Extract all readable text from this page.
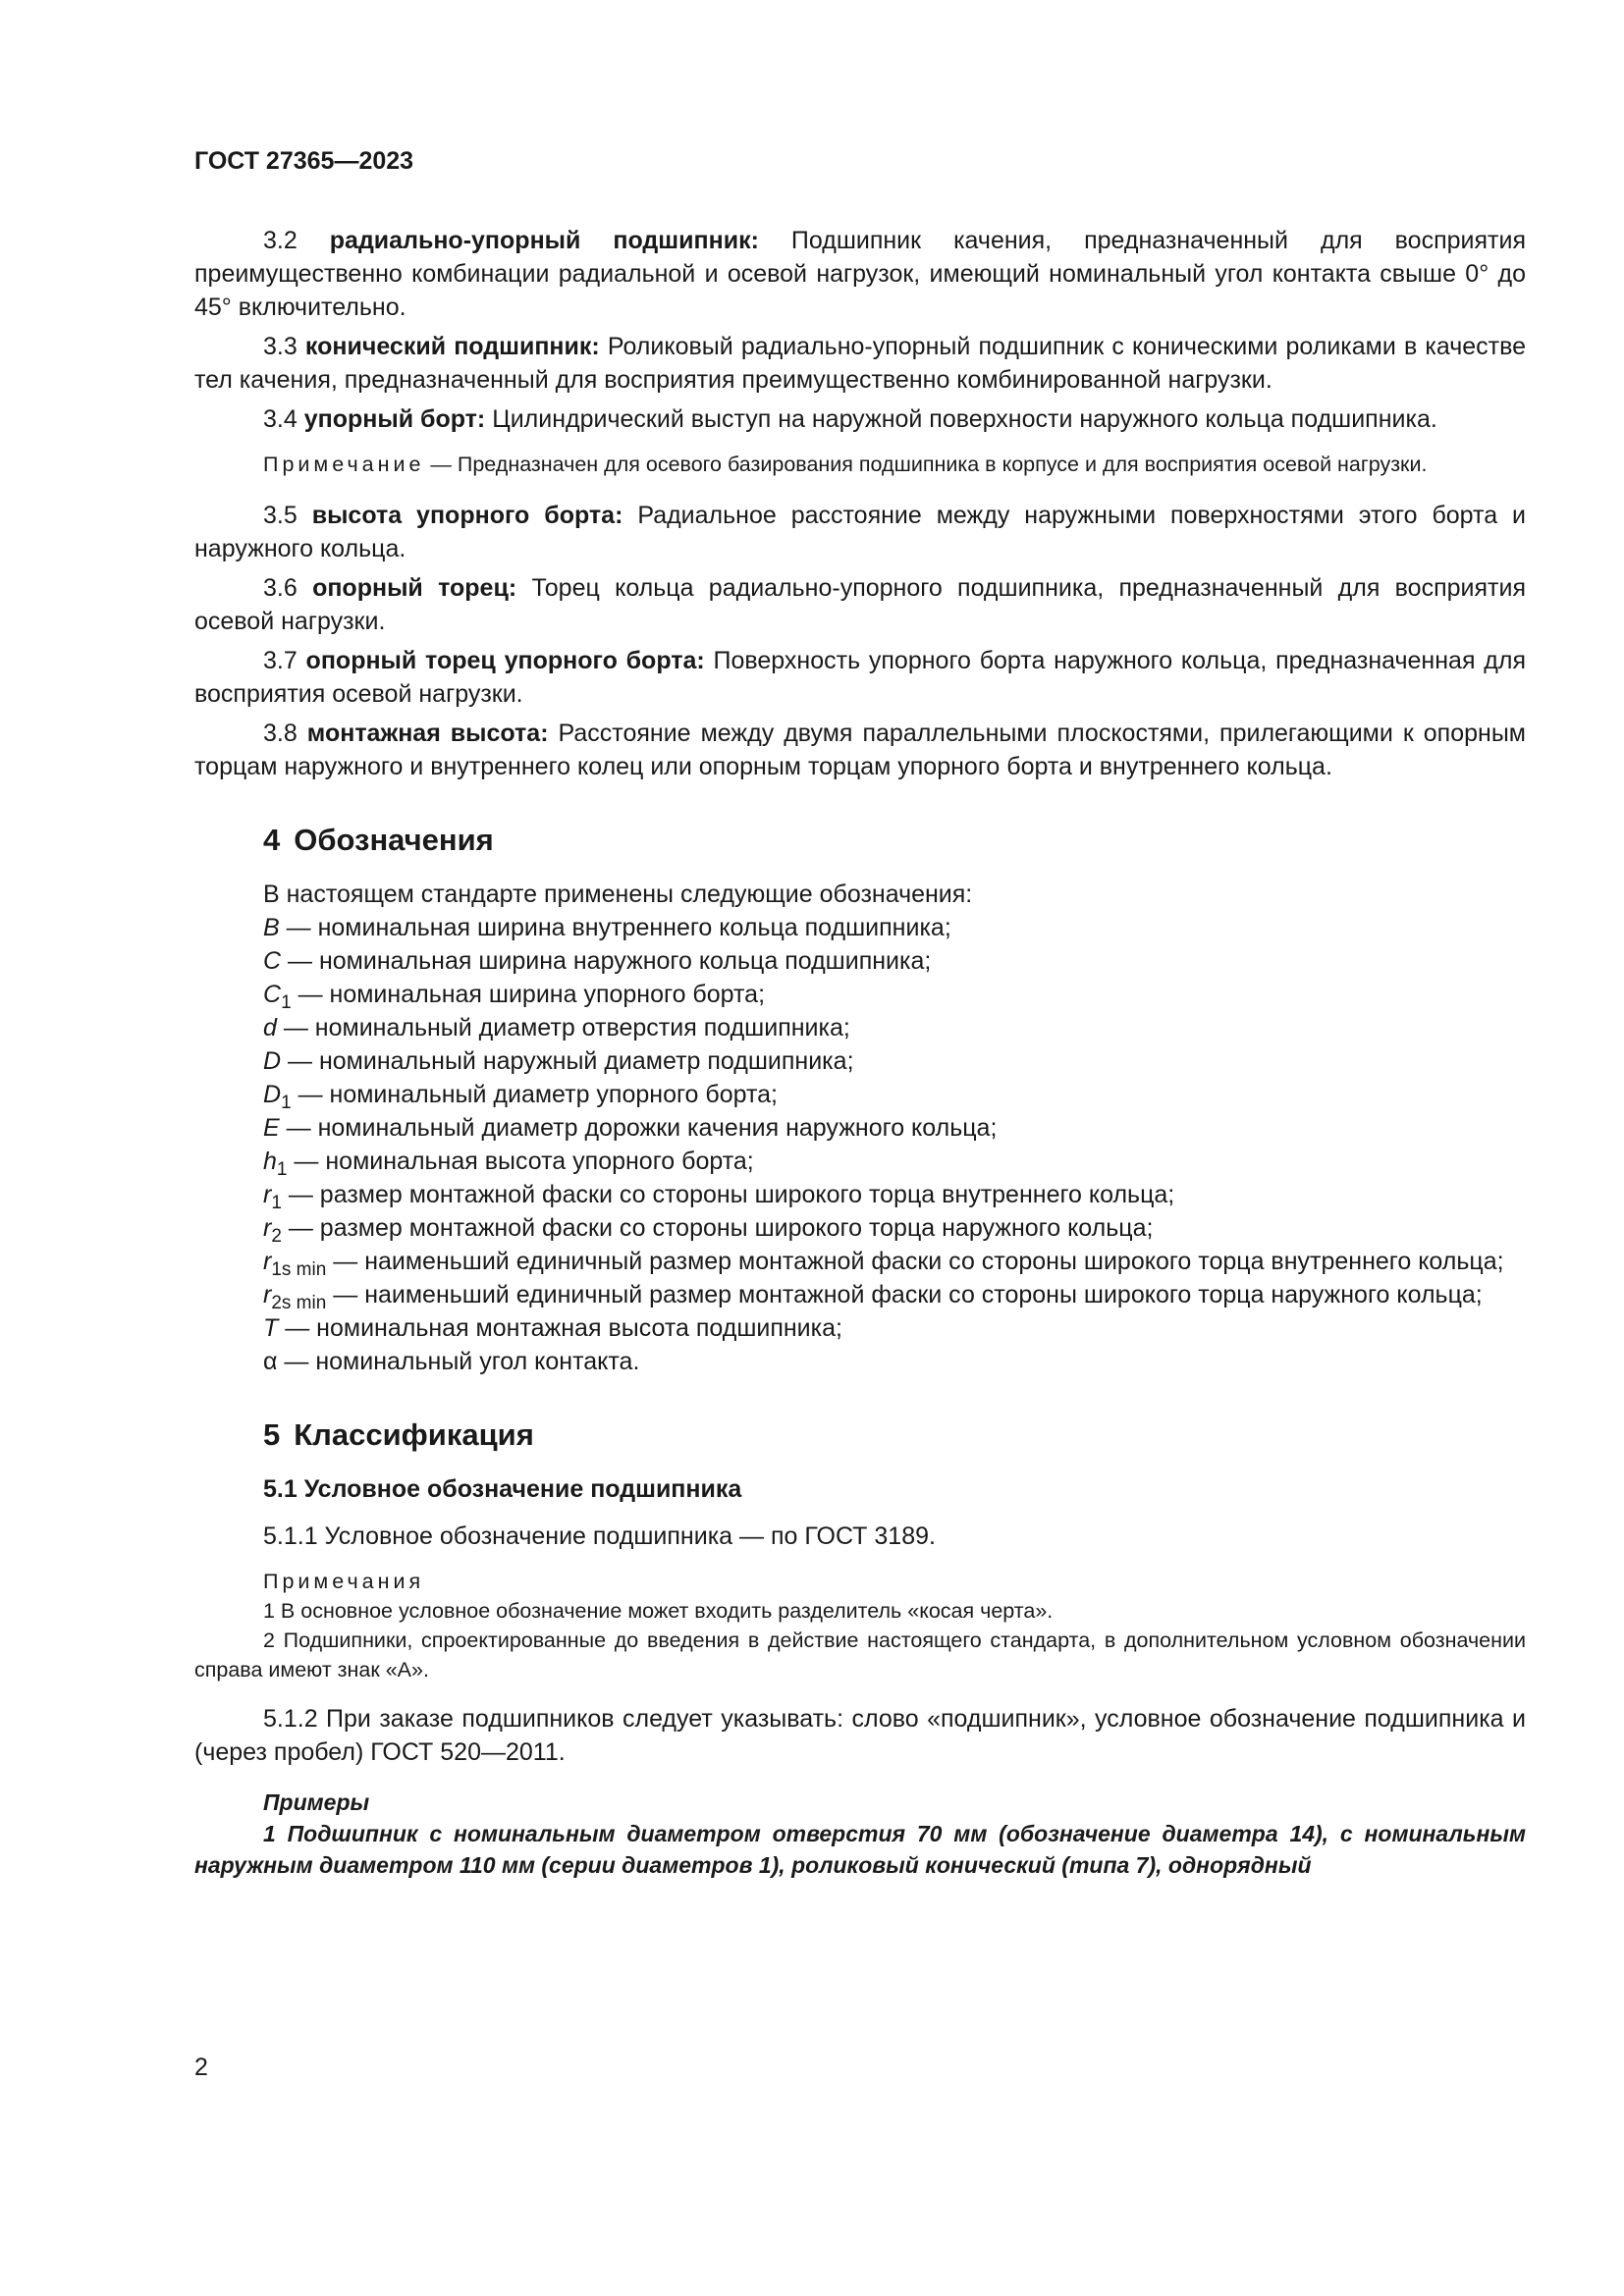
ГОСТ 27365—2023

3.2 радиально-упорный подшипник: Подшипник качения, предназначенный для восприятия преимущественно комбинации радиальной и осевой нагрузок, имеющий номинальный угол контакта свыше 0° до 45° включительно.

3.3 конический подшипник: Роликовый радиально-упорный подшипник с коническими роликами в качестве тел качения, предназначенный для восприятия преимущественно комбинированной нагрузки.

3.4 упорный борт: Цилиндрический выступ на наружной поверхности наружного кольца подшипника.

Примечание — Предназначен для осевого базирования подшипника в корпусе и для восприятия осевой нагрузки.

3.5 высота упорного борта: Радиальное расстояние между наружными поверхностями этого борта и наружного кольца.

3.6 опорный торец: Торец кольца радиально-упорного подшипника, предназначенный для восприятия осевой нагрузки.

3.7 опорный торец упорного борта: Поверхность упорного борта наружного кольца, предназначенная для восприятия осевой нагрузки.

3.8 монтажная высота: Расстояние между двумя параллельными плоскостями, прилегающими к опорным торцам наружного и внутреннего колец или опорным торцам упорного борта и внутреннего кольца.

4 Обозначения

В настоящем стандарте применены следующие обозначения:

B — номинальная ширина внутреннего кольца подшипника;

C — номинальная ширина наружного кольца подшипника;

$C_1$ — номинальная ширина упорного борта;

d — номинальный диаметр отверстия подшипника;

D — номинальный наружный диаметр подшипника;

$D_1$ — номинальный диаметр упорного борта;

E — номинальный диаметр дорожки качения наружного кольца;

$h_1$ — номинальная высота упорного борта;

$r_1$ — размер монтажной фаски со стороны широкого торца внутреннего кольца;

$r_2$ — размер монтажной фаски со стороны широкого торца наружного кольца;

$r_{1s min}$ — наименьший единичный размер монтажной фаски со стороны широкого торца внутреннего кольца;

$r_{2s min}$ — наименьший единичный размер монтажной фаски со стороны широкого торца наружного кольца;

T — номинальная монтажная высота подшипника;

α — номинальный угол контакта.

5 Классификация
5.1 Условное обозначение подшипника

5.1.1 Условное обозначение подшипника — по ГОСТ 3189.

Примечания
1 В основное условное обозначение может входить разделитель «косая черта».
2 Подшипники, спроектированные до введения в действие настоящего стандарта, в дополнительном условном обозначении справа имеют знак «А».

5.1.2 При заказе подшипников следует указывать: слово «подшипник», условное обозначение подшипника и (через пробел) ГОСТ 520—2011.

Примеры
1 Подшипник с номинальным диаметром отверстия 70 мм (обозначение диаметра 14), с номинальным наружным диаметром 110 мм (серии диаметров 1), роликовый конический (типа 7), однорядный
2
